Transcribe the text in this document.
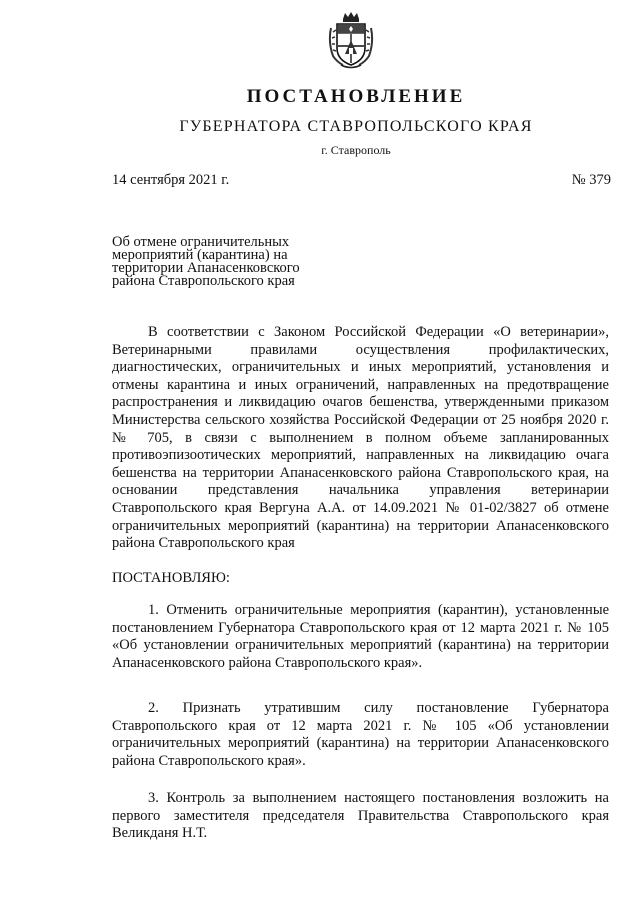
ПОСТАНОВЛЕНИЕ

ГУБЕРНАТОРА СТАВРОПОЛЬСКОГО КРАЯ

г. Ставрополь

14 сентября 2021 г.	№ 379

Об отмене ограничительных мероприятий (карантина) на территории Апанасенковского района Ставропольского края

В соответствии с Законом Российской Федерации «О ветеринарии», Ветеринарными правилами осуществления профилактических, диагностических, ограничительных и иных мероприятий, установления и отмены карантина и иных ограничений, направленных на предотвращение распространения и ликвидацию очагов бешенства, утвержденными приказом Министерства сельского хозяйства Российской Федерации от 25 ноября 2020 г. № 705, в связи с выполнением в полном объеме запланированных противоэпизоотических мероприятий, направленных на ликвидацию очага бешенства на территории Апанасенковского района Ставропольского края, на основании представления начальника управления ветеринарии Ставропольского края Вергуна А.А. от 14.09.2021 № 01-02/3827 об отмене ограничительных мероприятий (карантина) на территории Апанасенковского района Ставропольского края

ПОСТАНОВЛЯЮ:

1. Отменить ограничительные мероприятия (карантин), установленные постановлением Губернатора Ставропольского края от 12 марта 2021 г. № 105 «Об установлении ограничительных мероприятий (карантина) на территории Апанасенковского района Ставропольского края».

2. Признать утратившим силу постановление Губернатора Ставропольского края от 12 марта 2021 г. № 105 «Об установлении ограничительных мероприятий (карантина) на территории Апанасенковского района Ставропольского края».

3. Контроль за выполнением настоящего постановления возложить на первого заместителя председателя Правительства Ставропольского края Великданя Н.Т.
